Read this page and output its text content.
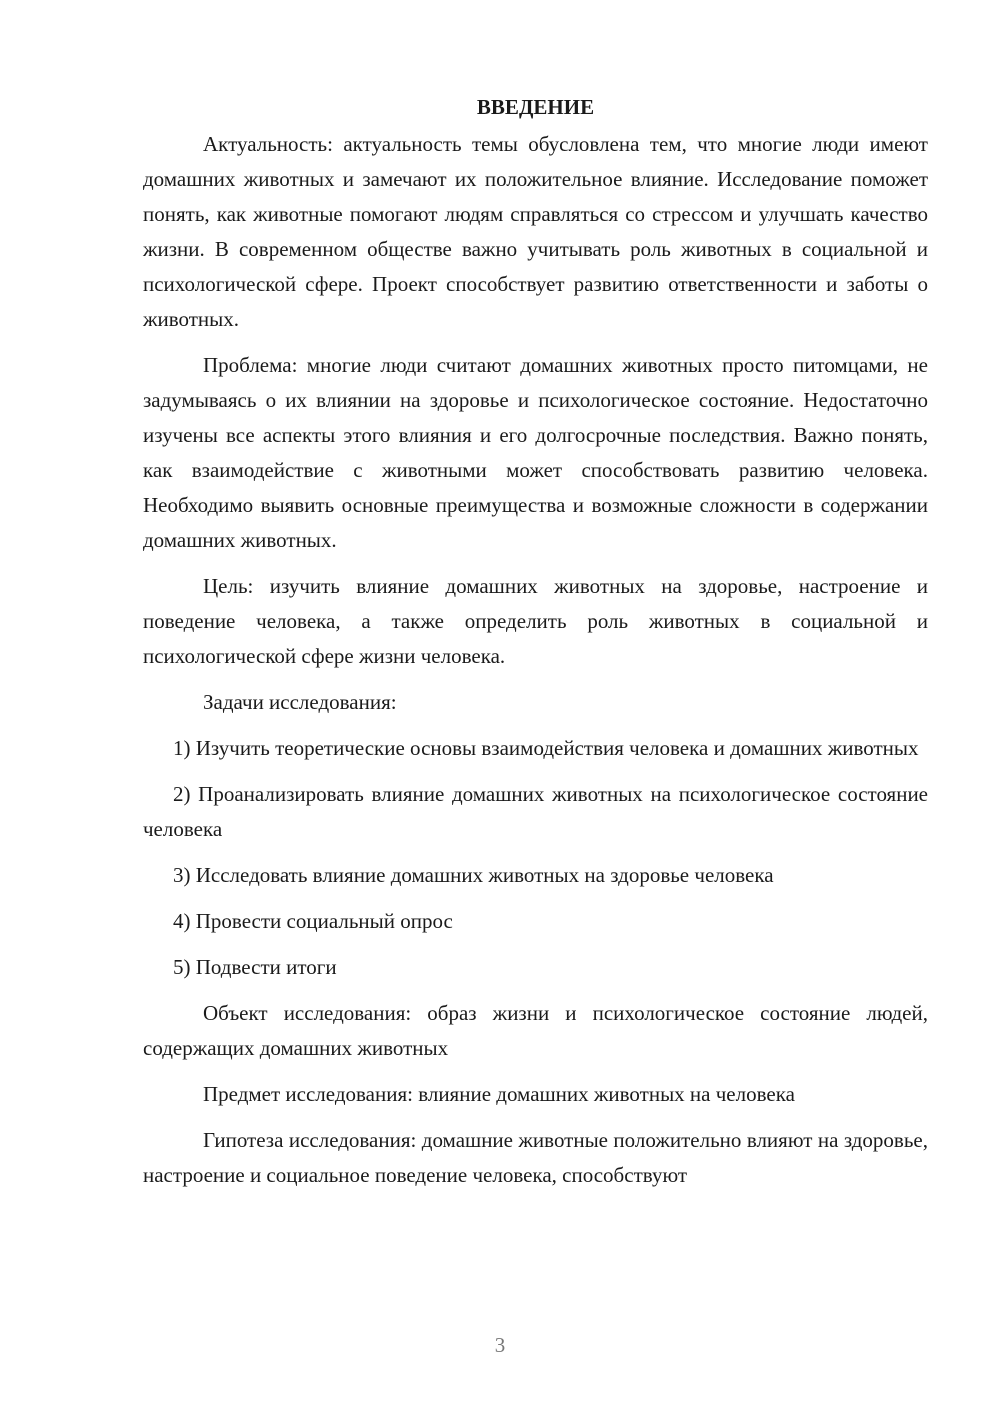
ВВЕДЕНИЕ

Актуальность: актуальность темы обусловлена тем, что многие люди имеют домашних животных и замечают их положительное влияние. Исследование поможет понять, как животные помогают людям справляться со стрессом и улучшать качество жизни. В современном обществе важно учитывать роль животных в социальной и психологической сфере. Проект способствует развитию ответственности и заботы о животных.

Проблема: многие люди считают домашних животных просто питомцами, не задумываясь о их влиянии на здоровье и психологическое состояние. Недостаточно изучены все аспекты этого влияния и его долгосрочные последствия. Важно понять, как взаимодействие с животными может способствовать развитию человека. Необходимо выявить основные преимущества и возможные сложности в содержании домашних животных.

Цель: изучить влияние домашних животных на здоровье, настроение и поведение человека, а также определить роль животных в социальной и психологической сфере жизни человека.

Задачи исследования:

1) Изучить теоретические основы взаимодействия человека и домашних животных

2) Проанализировать влияние домашних животных на психологическое состояние человека

3) Исследовать влияние домашних животных на здоровье человека

4) Провести социальный опрос

5) Подвести итоги

Объект исследования: образ жизни и психологическое состояние людей, содержащих домашних животных

Предмет исследования: влияние домашних животных на человека

Гипотеза исследования: домашние животные положительно влияют на здоровье, настроение и социальное поведение человека, способствуют

3
